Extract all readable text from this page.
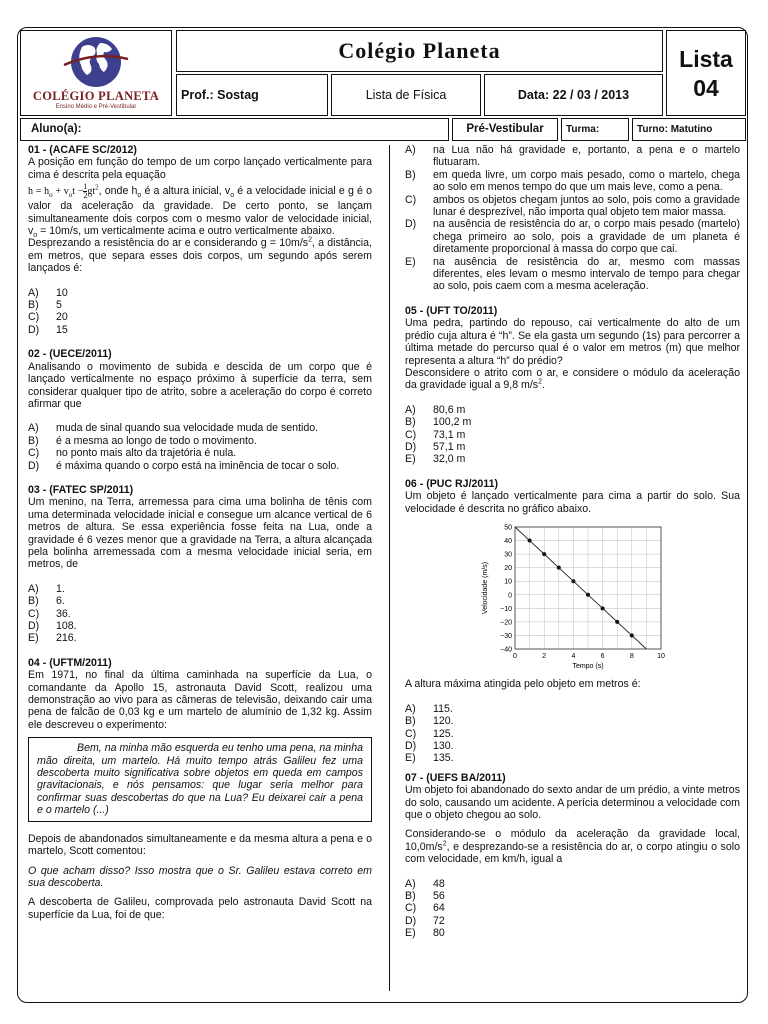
COLÉGIO PLANETA
Ensino Médio e Pré-Vestibular
Colégio Planeta	Lista
04
Prof.: Sostag	Lista de Física	Data: 22 / 03 / 2013
Aluno(a):	Pré-Vestibular	Turma:	Turno: Matutino

01 - (ACAFE SC/2012)

A posição em função do tempo de um corpo lançado verticalmente para cima é descrita pela equação

$h = h_o + v_ot - \frac{1}{2} gt^2$, onde $h_o$ é a altura inicial, $v_o$ é a velocidade inicial e g é o valor da aceleração da gravidade. De certo ponto, se lançam simultaneamente dois corpos com o mesmo valor de velocidade inicial, $v_o = 10m/s$, um verticalmente acima e outro verticalmente abaixo.

Desprezando a resistência do ar e considerando $g = 10m/s^2$, a distância, em metros, que separa esses dois corpos, um segundo após serem lançados é:

A)	10
B)	5
C)	20
D)	15

02 - (UECE/2011)

Analisando o movimento de subida e descida de um corpo que é lançado verticalmente no espaço próximo à superfície da terra, sem considerar qualquer tipo de atrito, sobre a aceleração do corpo é correto afirmar que

A)	muda de sinal quando sua velocidade muda de sentido.
B)	é a mesma ao longo de todo o movimento.
C)	no ponto mais alto da trajetória é nula.
D)	é máxima quando o corpo está na iminência de tocar o solo.

03 - (FATEC SP/2011)

Um menino, na Terra, arremessa para cima uma bolinha de tênis com uma determinada velocidade inicial e consegue um alcance vertical de 6 metros de altura. Se essa experiência fosse feita na Lua, onde a gravidade é 6 vezes menor que a gravidade na Terra, a altura alcançada pela bolinha arremessada com a mesma velocidade inicial seria, em metros, de

A)	1.
B)	6.
C)	36.
D)	108.
E)	216.

04 - (UFTM/2011)

Em 1971, no final da última caminhada na superfície da Lua, o comandante da Apollo 15, astronauta David Scott, realizou uma demonstração ao vivo para as câmeras de televisão, deixando cair uma pena de falcão de 0,03 kg e um martelo de alumínio de 1,32 kg. Assim ele descreveu o experimento:

Bem, na minha mão esquerda eu tenho uma pena, na minha mão direita, um martelo. Há muito tempo atrás Galileu fez uma descoberta muito significativa sobre objetos em queda em campos gravitacionais, e nós pensamos: que lugar seria melhor para confirmar suas descobertas do que na Lua? Eu deixarei cair a pena e o martelo (...)

Depois de abandonados simultaneamente e da mesma altura a pena e o martelo, Scott comentou:

O que acham disso? Isso mostra que o Sr. Galileu estava correto em sua descoberta.

A descoberta de Galileu, comprovada pelo astronauta David Scott na superfície da Lua, foi de que:

A)	na Lua não há gravidade e, portanto, a pena e o martelo flutuaram.
B)	em queda livre, um corpo mais pesado, como o martelo, chega ao solo em menos tempo do que um mais leve, como a pena.
C)	ambos os objetos chegam juntos ao solo, pois como a gravidade lunar é desprezível, não importa qual objeto tem maior massa.
D)	na ausência de resistência do ar, o corpo mais pesado (martelo) chega primeiro ao solo, pois a gravidade de um planeta é diretamente proporcional à massa do corpo que cai.
E)	na ausência de resistência do ar, mesmo com massas diferentes, eles levam o mesmo intervalo de tempo para chegar ao solo, pois caem com a mesma aceleração.

05 - (UFT TO/2011)

Uma pedra, partindo do repouso, cai verticalmente do alto de um prédio cuja altura é “h”. Se ela gasta um segundo (1s) para percorrer a última metade do percurso qual é o valor em metros (m) que melhor representa a altura “h” do prédio?

Desconsidere o atrito com o ar, e considere o módulo da aceleração da gravidade igual a 9,8 $m/s^2$.

A)	80,6 m
B)	100,2 m
C)	73,1 m
D)	57,1 m
E)	32,0 m

06 - (PUC RJ/2011)

Um objeto é lançado verticalmente para cima a partir do solo. Sua velocidade é descrita no gráfico abaixo.

0	2	4	6	8	10
50
40
30
20
10
0
−10
−20
−30
−40
Tempo (s)
Velocidade (m/s)

A altura máxima atingida pelo objeto em metros é:

A)	115.
B)	120.
C)	125.
D)	130.
E)	135.

07 - (UEFS BA/2011)

Um objeto foi abandonado do sexto andar de um prédio, a vinte metros do solo, causando um acidente. A perícia determinou a velocidade com que o objeto chegou ao solo.

Considerando-se o módulo da aceleração da gravidade local, $10,0m/s^2$, e desprezando-se a resistência do ar, o corpo atingiu o solo com velocidade, em km/h, igual a

A)	48
B)	56
C)	64
D)	72
E)	80
